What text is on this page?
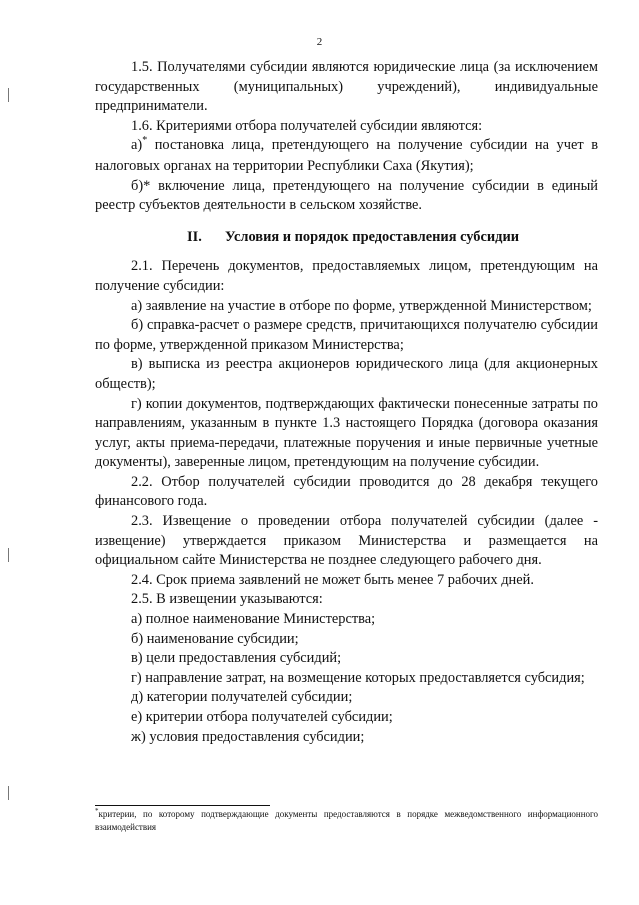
2

1.5. Получателями субсидии являются юридические лица (за исключением государственных (муниципальных) учреждений), индивидуальные предприниматели.

1.6. Критериями отбора получателей субсидии являются:

а)* постановка лица, претендующего на получение субсидии на учет в налоговых органах на территории Республики Саха (Якутия);

б)* включение лица, претендующего на получение субсидии в единый реестр субъектов деятельности в сельском хозяйстве.

II. Условия и порядок предоставления субсидии

2.1. Перечень документов, предоставляемых лицом, претендующим на получение субсидии:

а) заявление на участие в отборе по форме, утвержденной Министерством;

б) справка-расчет о размере средств, причитающихся получателю субсидии по форме, утвержденной приказом Министерства;

в) выписка из реестра акционеров юридического лица (для акционерных обществ);

г) копии документов, подтверждающих фактически понесенные затраты по направлениям, указанным в пункте 1.3 настоящего Порядка (договора оказания услуг, акты приема-передачи, платежные поручения и иные первичные учетные документы), заверенные лицом, претендующим на получение субсидии.

2.2. Отбор получателей субсидии проводится до 28 декабря текущего финансового года.

2.3. Извещение о проведении отбора получателей субсидии (далее - извещение) утверждается приказом Министерства и размещается на официальном сайте Министерства не позднее следующего рабочего дня.

2.4. Срок приема заявлений не может быть менее 7 рабочих дней.

2.5. В извещении указываются:

а) полное наименование Министерства;

б) наименование субсидии;

в) цели предоставления субсидий;

г) направление затрат, на возмещение которых предоставляется субсидия;

д) категории получателей субсидии;

е) критерии отбора получателей субсидии;

ж) условия предоставления субсидии;

*критерии, по которому подтверждающие документы предоставляются в порядке межведомственного информационного взаимодействия
